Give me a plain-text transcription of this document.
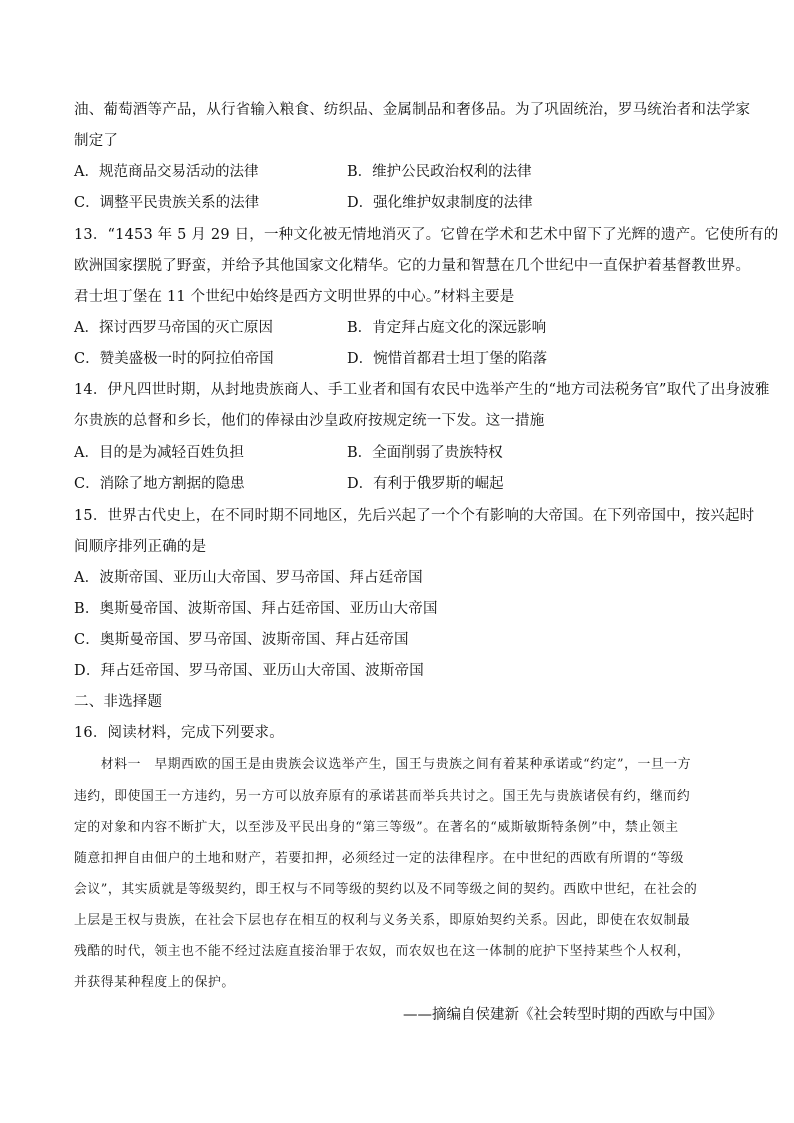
油、葡萄酒等产品，从行省输入粮食、纺织品、金属制品和奢侈品。为了巩固统治，罗马统治者和法学家
制定了
A．规范商品交易活动的法律	B．维护公民政治权利的法律
C．调整平民贵族关系的法律	D．强化维护奴隶制度的法律
13．“1453 年 5 月 29 日，一种文化被无情地消灭了。它曾在学术和艺术中留下了光辉的遗产。它使所有的
欧洲国家摆脱了野蛮，并给予其他国家文化精华。它的力量和智慧在几个世纪中一直保护着基督教世界。
君士坦丁堡在 11 个世纪中始终是西方文明世界的中心。”材料主要是
A．探讨西罗马帝国的灭亡原因	B．肯定拜占庭文化的深远影响
C．赞美盛极一时的阿拉伯帝国	D．惋惜首都君士坦丁堡的陷落
14．伊凡四世时期，从封地贵族商人、手工业者和国有农民中选举产生的“地方司法税务官”取代了出身波雅
尔贵族的总督和乡长，他们的俸禄由沙皇政府按规定统一下发。这一措施
A．目的是为减轻百姓负担	B．全面削弱了贵族特权
C．消除了地方割据的隐患	D．有利于俄罗斯的崛起
15．世界古代史上，在不同时期不同地区，先后兴起了一个个有影响的大帝国。在下列帝国中，按兴起时
间顺序排列正确的是
A．波斯帝国、亚历山大帝国、罗马帝国、拜占廷帝国
B．奥斯曼帝国、波斯帝国、拜占廷帝国、亚历山大帝国
C．奥斯曼帝国、罗马帝国、波斯帝国、拜占廷帝国
D．拜占廷帝国、罗马帝国、亚历山大帝国、波斯帝国
二、非选择题
16．阅读材料，完成下列要求。
　　材料一　早期西欧的国王是由贵族会议选举产生，国王与贵族之间有着某种承诺或“约定”，一旦一方
违约，即使国王一方违约，另一方可以放弃原有的承诺甚而举兵共讨之。国王先与贵族诸侯有约，继而约
定的对象和内容不断扩大，以至涉及平民出身的“第三等级”。在著名的“威斯敏斯特条例”中，禁止领主
随意扣押自由佃户的土地和财产，若要扣押，必须经过一定的法律程序。在中世纪的西欧有所谓的“等级
会议”，其实质就是等级契约，即王权与不同等级的契约以及不同等级之间的契约。西欧中世纪，在社会的
上层是王权与贵族，在社会下层也存在相互的权利与义务关系，即原始契约关系。因此，即使在农奴制最
残酷的时代，领主也不能不经过法庭直接治罪于农奴，而农奴也在这一体制的庇护下坚持某些个人权利，
并获得某种程度上的保护。
——摘编自侯建新《社会转型时期的西欧与中国》
